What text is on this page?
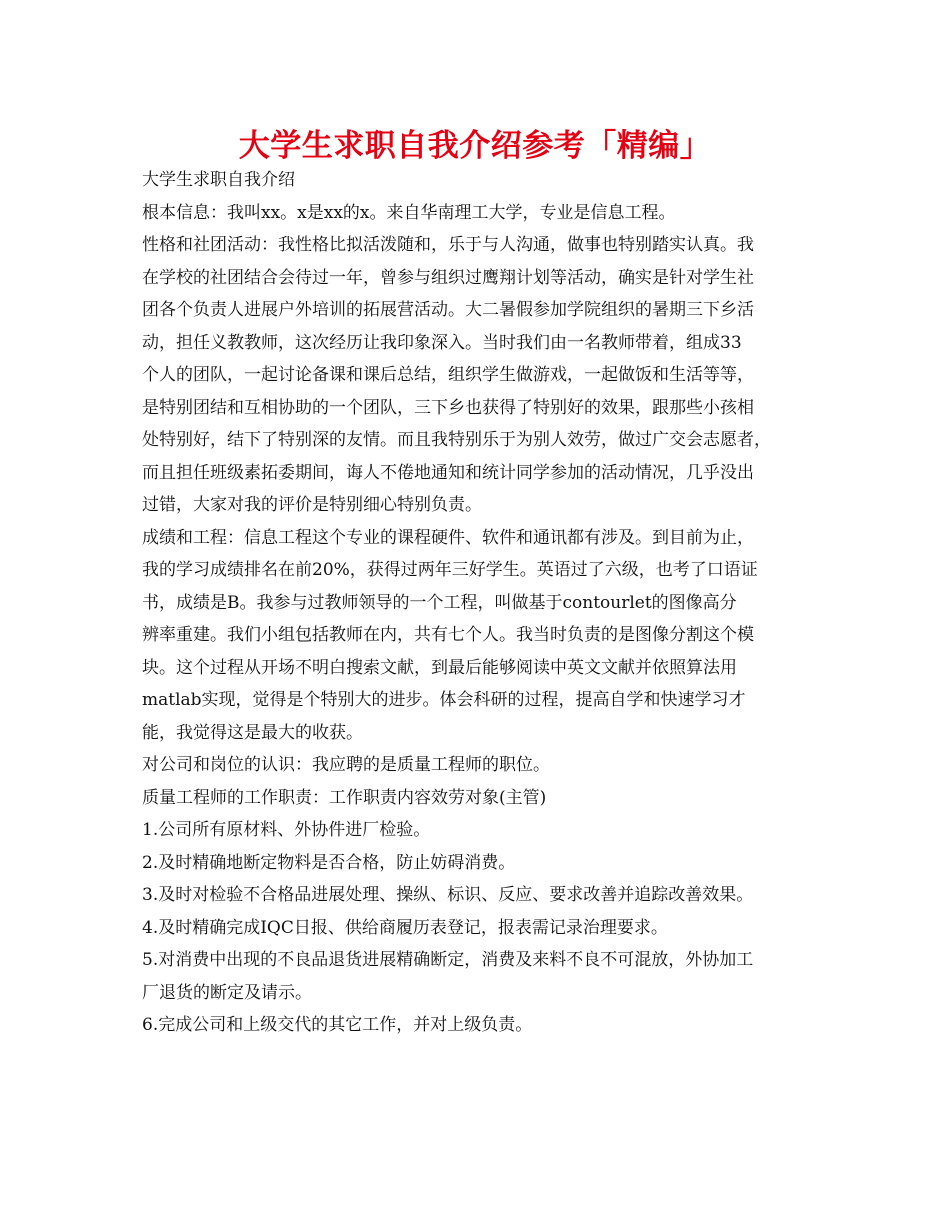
大学生求职自我介绍参考「精编」
大学生求职自我介绍
根本信息：我叫xx。x是xx的x。来自华南理工大学，专业是信息工程。
性格和社团活动：我性格比拟活泼随和，乐于与人沟通，做事也特别踏实认真。我
在学校的社团结合会待过一年，曾参与组织过鹰翔计划等活动，确实是针对学生社
团各个负责人进展户外培训的拓展营活动。大二暑假参加学院组织的暑期三下乡活
动，担任义教教师，这次经历让我印象深入。当时我们由一名教师带着，组成33
个人的团队，一起讨论备课和课后总结，组织学生做游戏，一起做饭和生活等等，
是特别团结和互相协助的一个团队，三下乡也获得了特别好的效果，跟那些小孩相
处特别好，结下了特别深的友情。而且我特别乐于为别人效劳，做过广交会志愿者，
而且担任班级素拓委期间，诲人不倦地通知和统计同学参加的活动情况，几乎没出
过错，大家对我的评价是特别细心特别负责。
成绩和工程：信息工程这个专业的课程硬件、软件和通讯都有涉及。到目前为止，
我的学习成绩排名在前20%，获得过两年三好学生。英语过了六级，也考了口语证
书，成绩是B。我参与过教师领导的一个工程，叫做基于contourlet的图像高分
辨率重建。我们小组包括教师在内，共有七个人。我当时负责的是图像分割这个模
块。这个过程从开场不明白搜索文献，到最后能够阅读中英文文献并依照算法用
matlab实现，觉得是个特别大的进步。体会科研的过程，提高自学和快速学习才
能，我觉得这是最大的收获。
对公司和岗位的认识：我应聘的是质量工程师的职位。
质量工程师的工作职责：工作职责内容效劳对象(主管)
1.公司所有原材料、外协件进厂检验。
2.及时精确地断定物料是否合格，防止妨碍消费。
3.及时对检验不合格品进展处理、操纵、标识、反应、要求改善并追踪改善效果。
4.及时精确完成IQC日报、供给商履历表登记，报表需记录治理要求。
5.对消费中出现的不良品退货进展精确断定，消费及来料不良不可混放，外协加工
厂退货的断定及请示。
6.完成公司和上级交代的其它工作，并对上级负责。
